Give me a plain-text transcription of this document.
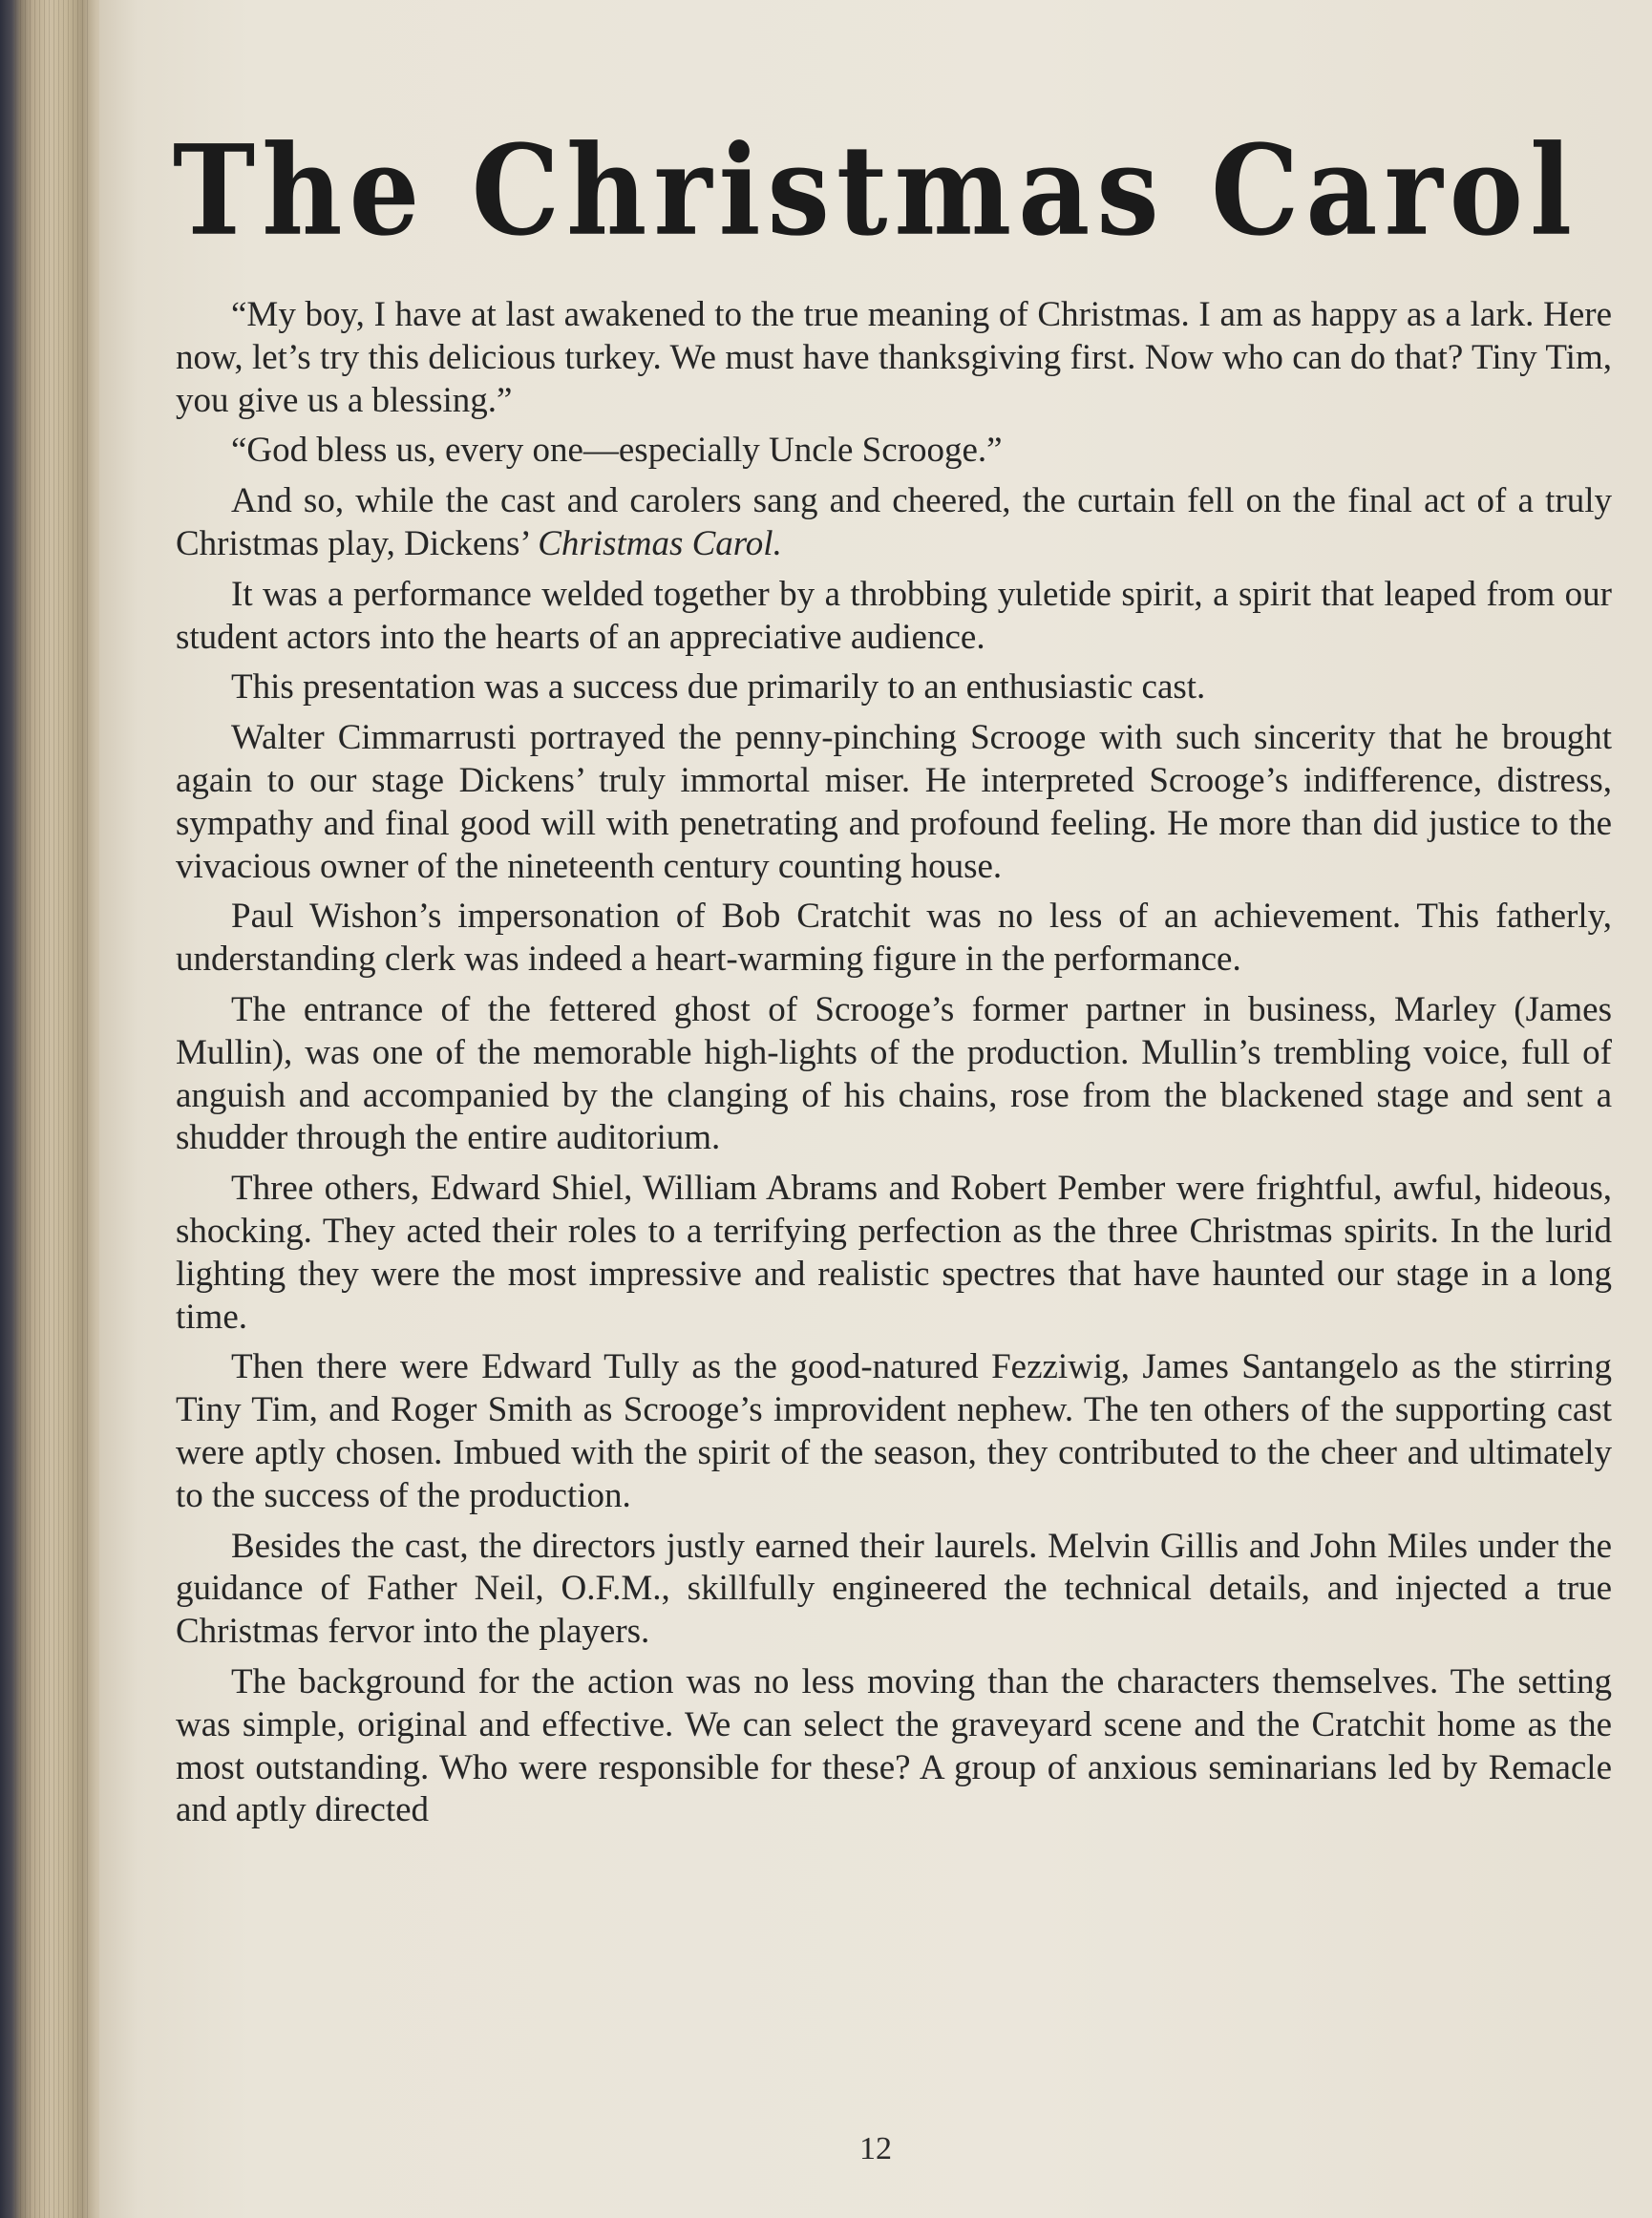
The Christmas Carol

“My boy, I have at last awakened to the true meaning of Christmas. I am as happy as a lark. Here now, let’s try this delicious turkey. We must have thanksgiving first. Now who can do that? Tiny Tim, you give us a blessing.”

“God bless us, every one—especially Uncle Scrooge.”

And so, while the cast and carolers sang and cheered, the curtain fell on the final act of a truly Christmas play, Dickens’ Christmas Carol.

It was a performance welded together by a throbbing yuletide spirit, a spirit that leaped from our student actors into the hearts of an appreciative audience.

This presentation was a success due primarily to an enthusiastic cast.

Walter Cimmarrusti portrayed the penny-pinching Scrooge with such sincerity that he brought again to our stage Dickens’ truly immortal miser. He interpreted Scrooge’s indifference, distress, sympathy and final good will with penetrating and profound feeling. He more than did justice to the vivacious owner of the nineteenth century counting house.

Paul Wishon’s impersonation of Bob Cratchit was no less of an achievement. This fatherly, understanding clerk was indeed a heart-warming figure in the performance.

The entrance of the fettered ghost of Scrooge’s former partner in business, Marley (James Mullin), was one of the memorable high-lights of the production. Mullin’s trembling voice, full of anguish and accompanied by the clanging of his chains, rose from the blackened stage and sent a shudder through the entire auditorium.

Three others, Edward Shiel, William Abrams and Robert Pember were frightful, awful, hideous, shocking. They acted their roles to a terrifying perfection as the three Christmas spirits. In the lurid lighting they were the most impressive and realistic spectres that have haunted our stage in a long time.

Then there were Edward Tully as the good-natured Fezziwig, James Santangelo as the stirring Tiny Tim, and Roger Smith as Scrooge’s improvident nephew. The ten others of the supporting cast were aptly chosen. Imbued with the spirit of the season, they contributed to the cheer and ultimately to the success of the production.

Besides the cast, the directors justly earned their laurels. Melvin Gillis and John Miles under the guidance of Father Neil, O.F.M., skillfully engineered the technical details, and injected a true Christmas fervor into the players.

The background for the action was no less moving than the characters themselves. The setting was simple, original and effective. We can select the graveyard scene and the Cratchit home as the most outstanding. Who were responsible for these? A group of anxious seminarians led by Remacle and aptly directed

12
